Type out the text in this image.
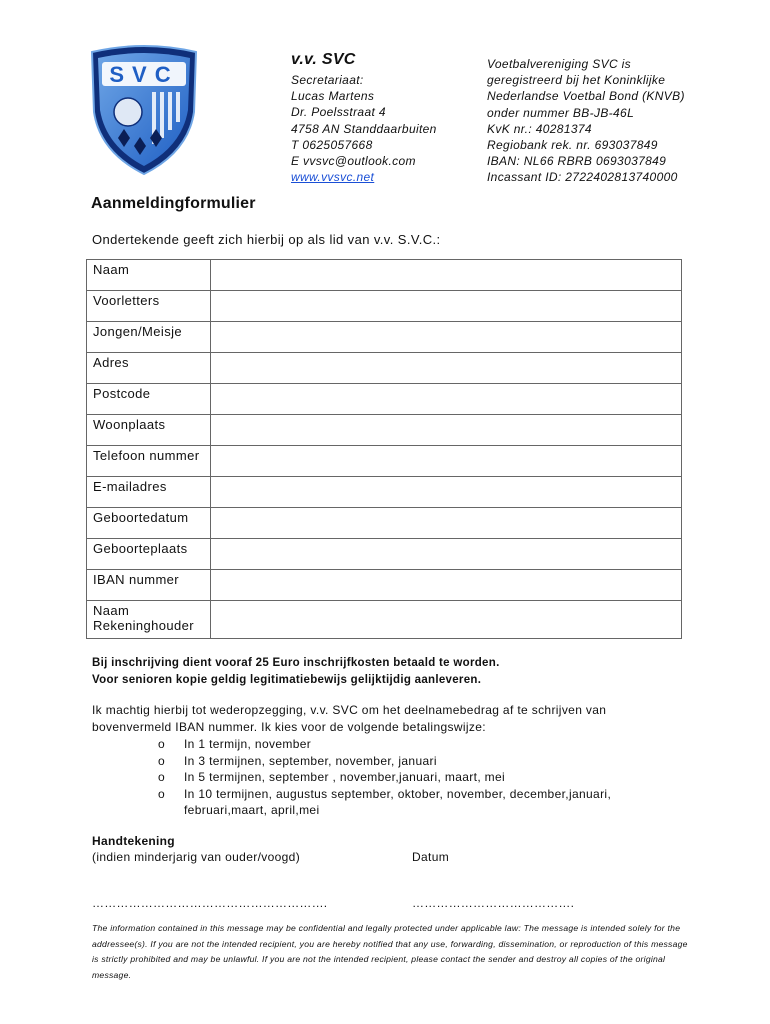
SVC
v.v. SVC
Secretariaat:
Lucas Martens
Dr. Poelsstraat 4
4758 AN Standdaarbuiten
T 0625057668
E vvsvc@outlook.com
www.vvsvc.net
Voetbalvereniging SVC is
geregistreerd bij het Koninklijke
Nederlandse Voetbal Bond (KNVB)
onder nummer BB-JB-46L
KvK nr.: 40281374
Regiobank rek. nr. 693037849
IBAN: NL66 RBRB 0693037849
Incassant ID: 2722402813740000
Aanmeldingformulier
Ondertekende geeft zich hierbij op als lid van v.v. S.V.C.:
Naam	
Voorletters	
Jongen/Meisje	
Adres	
Postcode	
Woonplaats	
Telefoon nummer	
E-mailadres	
Geboortedatum	
Geboorteplaats	
IBAN nummer	

Naam
Rekeninghouder	

Bij inschrijving dient vooraf 25 Euro inschrijfkosten betaald te worden.
Voor senioren kopie geldig legitimatiebewijs gelijktijdig aanleveren.
Ik machtig hierbij tot wederopzegging, v.v. SVC om het deelnamebedrag af te schrijven van
bovenvermeld IBAN nummer. Ik kies voor de volgende betalingswijze:
o In 1 termijn, november
o In 3 termijnen, september, november, januari
o In 5 termijnen, september , november,januari, maart, mei
o In 10 termijnen, augustus september, oktober, november, december,januari, februari,maart, april,mei
Handtekening
(indien minderjarig van ouder/voogd)	Datum
………………………………………………….	………………………………….
The information contained in this message may be confidential and legally protected under applicable law: The message is intended solely for the addressee(s). If you are not the intended recipient, you are hereby notified that any use, forwarding, dissemination, or reproduction of this message is strictly prohibited and may be unlawful. If you are not the intended recipient, please contact the sender and destroy all copies of the original message.
